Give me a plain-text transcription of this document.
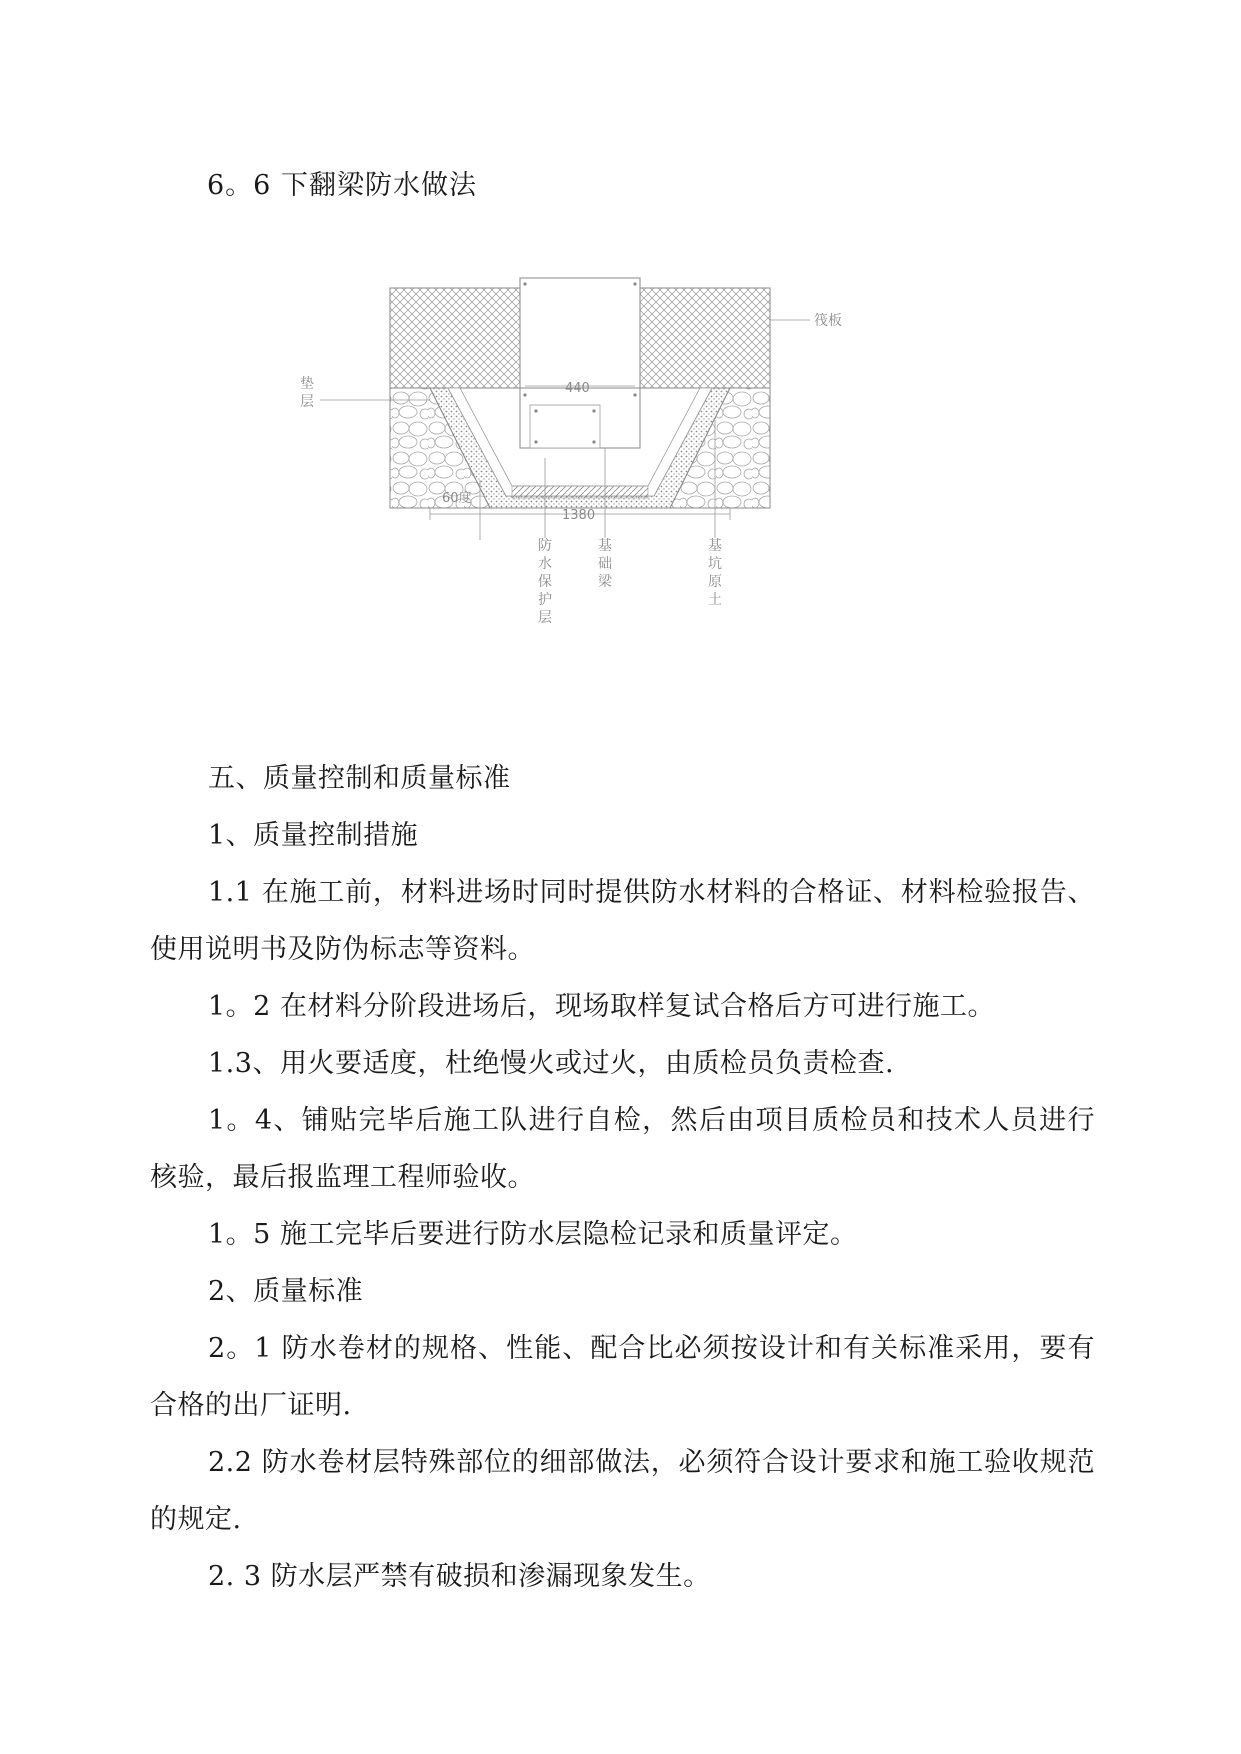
6。6 下翻梁防水做法
440
60度
1380
筏板
垫
层
防
水
保
护
层
基
础
梁
基
坑
原
土

五、质量控制和质量标准

1、质量控制措施

1.1 在施工前，材料进场时同时提供防水材料的合格证、材料检验报告、使用说明书及防伪标志等资料。

1。2 在材料分阶段进场后，现场取样复试合格后方可进行施工。

1.3、用火要适度，杜绝慢火或过火，由质检员负责检查.

1。4、铺贴完毕后施工队进行自检，然后由项目质检员和技术人员进行核验，最后报监理工程师验收。

1。5 施工完毕后要进行防水层隐检记录和质量评定。

2、质量标准

2。1 防水卷材的规格、性能、配合比必须按设计和有关标准采用，要有合格的出厂证明.

2.2 防水卷材层特殊部位的细部做法，必须符合设计要求和施工验收规范的规定.

2. 3 防水层严禁有破损和渗漏现象发生。
